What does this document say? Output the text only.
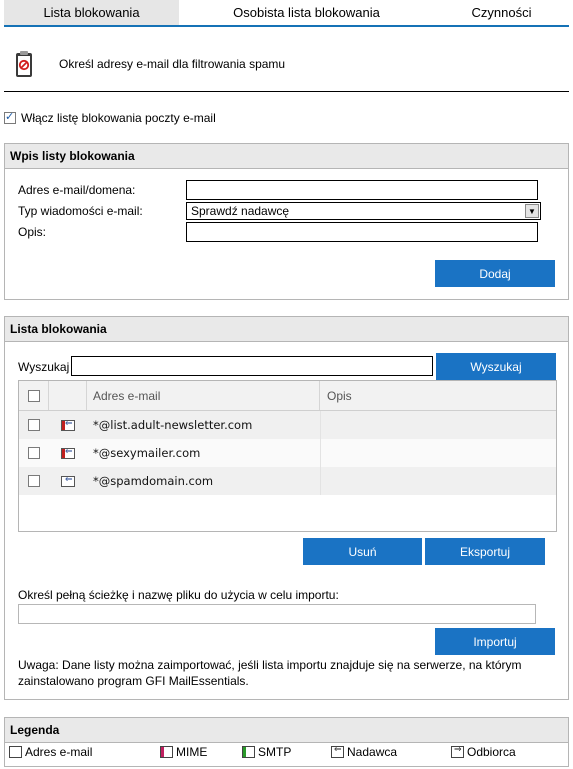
Lista blokowania	Osobista lista blokowania	Czynności
Określ adresy e-mail dla filtrowania spamu
✓
Włącz listę blokowania poczty e-mail
Wpis listy blokowania
Adres e-mail/domena:
Typ wiadomości e-mail:	Sprawdź nadawcę	▼
Opis:
Dodaj
Lista blokowania
Wyszukaj	Wyszukaj
Adres e-mail	Opis
⇐	*@list.adult-newsletter.com
⇐	*@sexymailer.com
⇐	*@spamdomain.com
Usuń	Eksportuj
Określ pełną ścieżkę i nazwę pliku do użycia w celu importu:
Importuj
Uwaga: Dane listy można zaimportować, jeśli lista importu znajduje się na serwerze, na którym zainstalowano program GFI MailEssentials.
Legenda
Adres e-mail	MIME	SMTP	⇐ Nadawca	⇒ Odbiorca
